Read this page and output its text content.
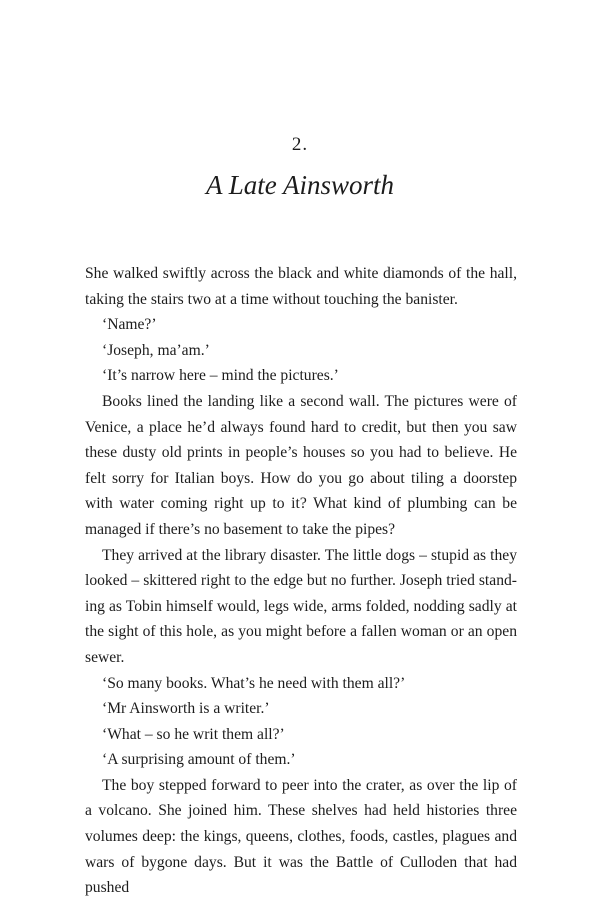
2.
A Late Ainsworth

She walked swiftly across the black and white diamonds of the hall, taking the stairs two at a time without touching the banister.

‘Name?’

‘Joseph, ma’am.’

‘It’s narrow here – mind the pictures.’

Books lined the landing like a second wall. The pictures were of Venice, a place he’d always found hard to credit, but then you saw these dusty old prints in people’s houses so you had to believe. He felt sorry for Italian boys. How do you go about tiling a doorstep with water coming right up to it? What kind of plumbing can be managed if there’s no basement to take the pipes?

They arrived at the library disaster. The little dogs – stupid as they looked – skittered right to the edge but no further. Joseph tried standing as Tobin himself would, legs wide, arms folded, nodding sadly at the sight of this hole, as you might before a fallen woman or an open sewer.

‘So many books. What’s he need with them all?’

‘Mr Ainsworth is a writer.’

‘What – so he writ them all?’

‘A surprising amount of them.’

The boy stepped forward to peer into the crater, as over the lip of a volcano. She joined him. These shelves had held histories three volumes deep: the kings, queens, clothes, foods, castles, plagues and wars of bygone days. But it was the Battle of Culloden that had pushed
